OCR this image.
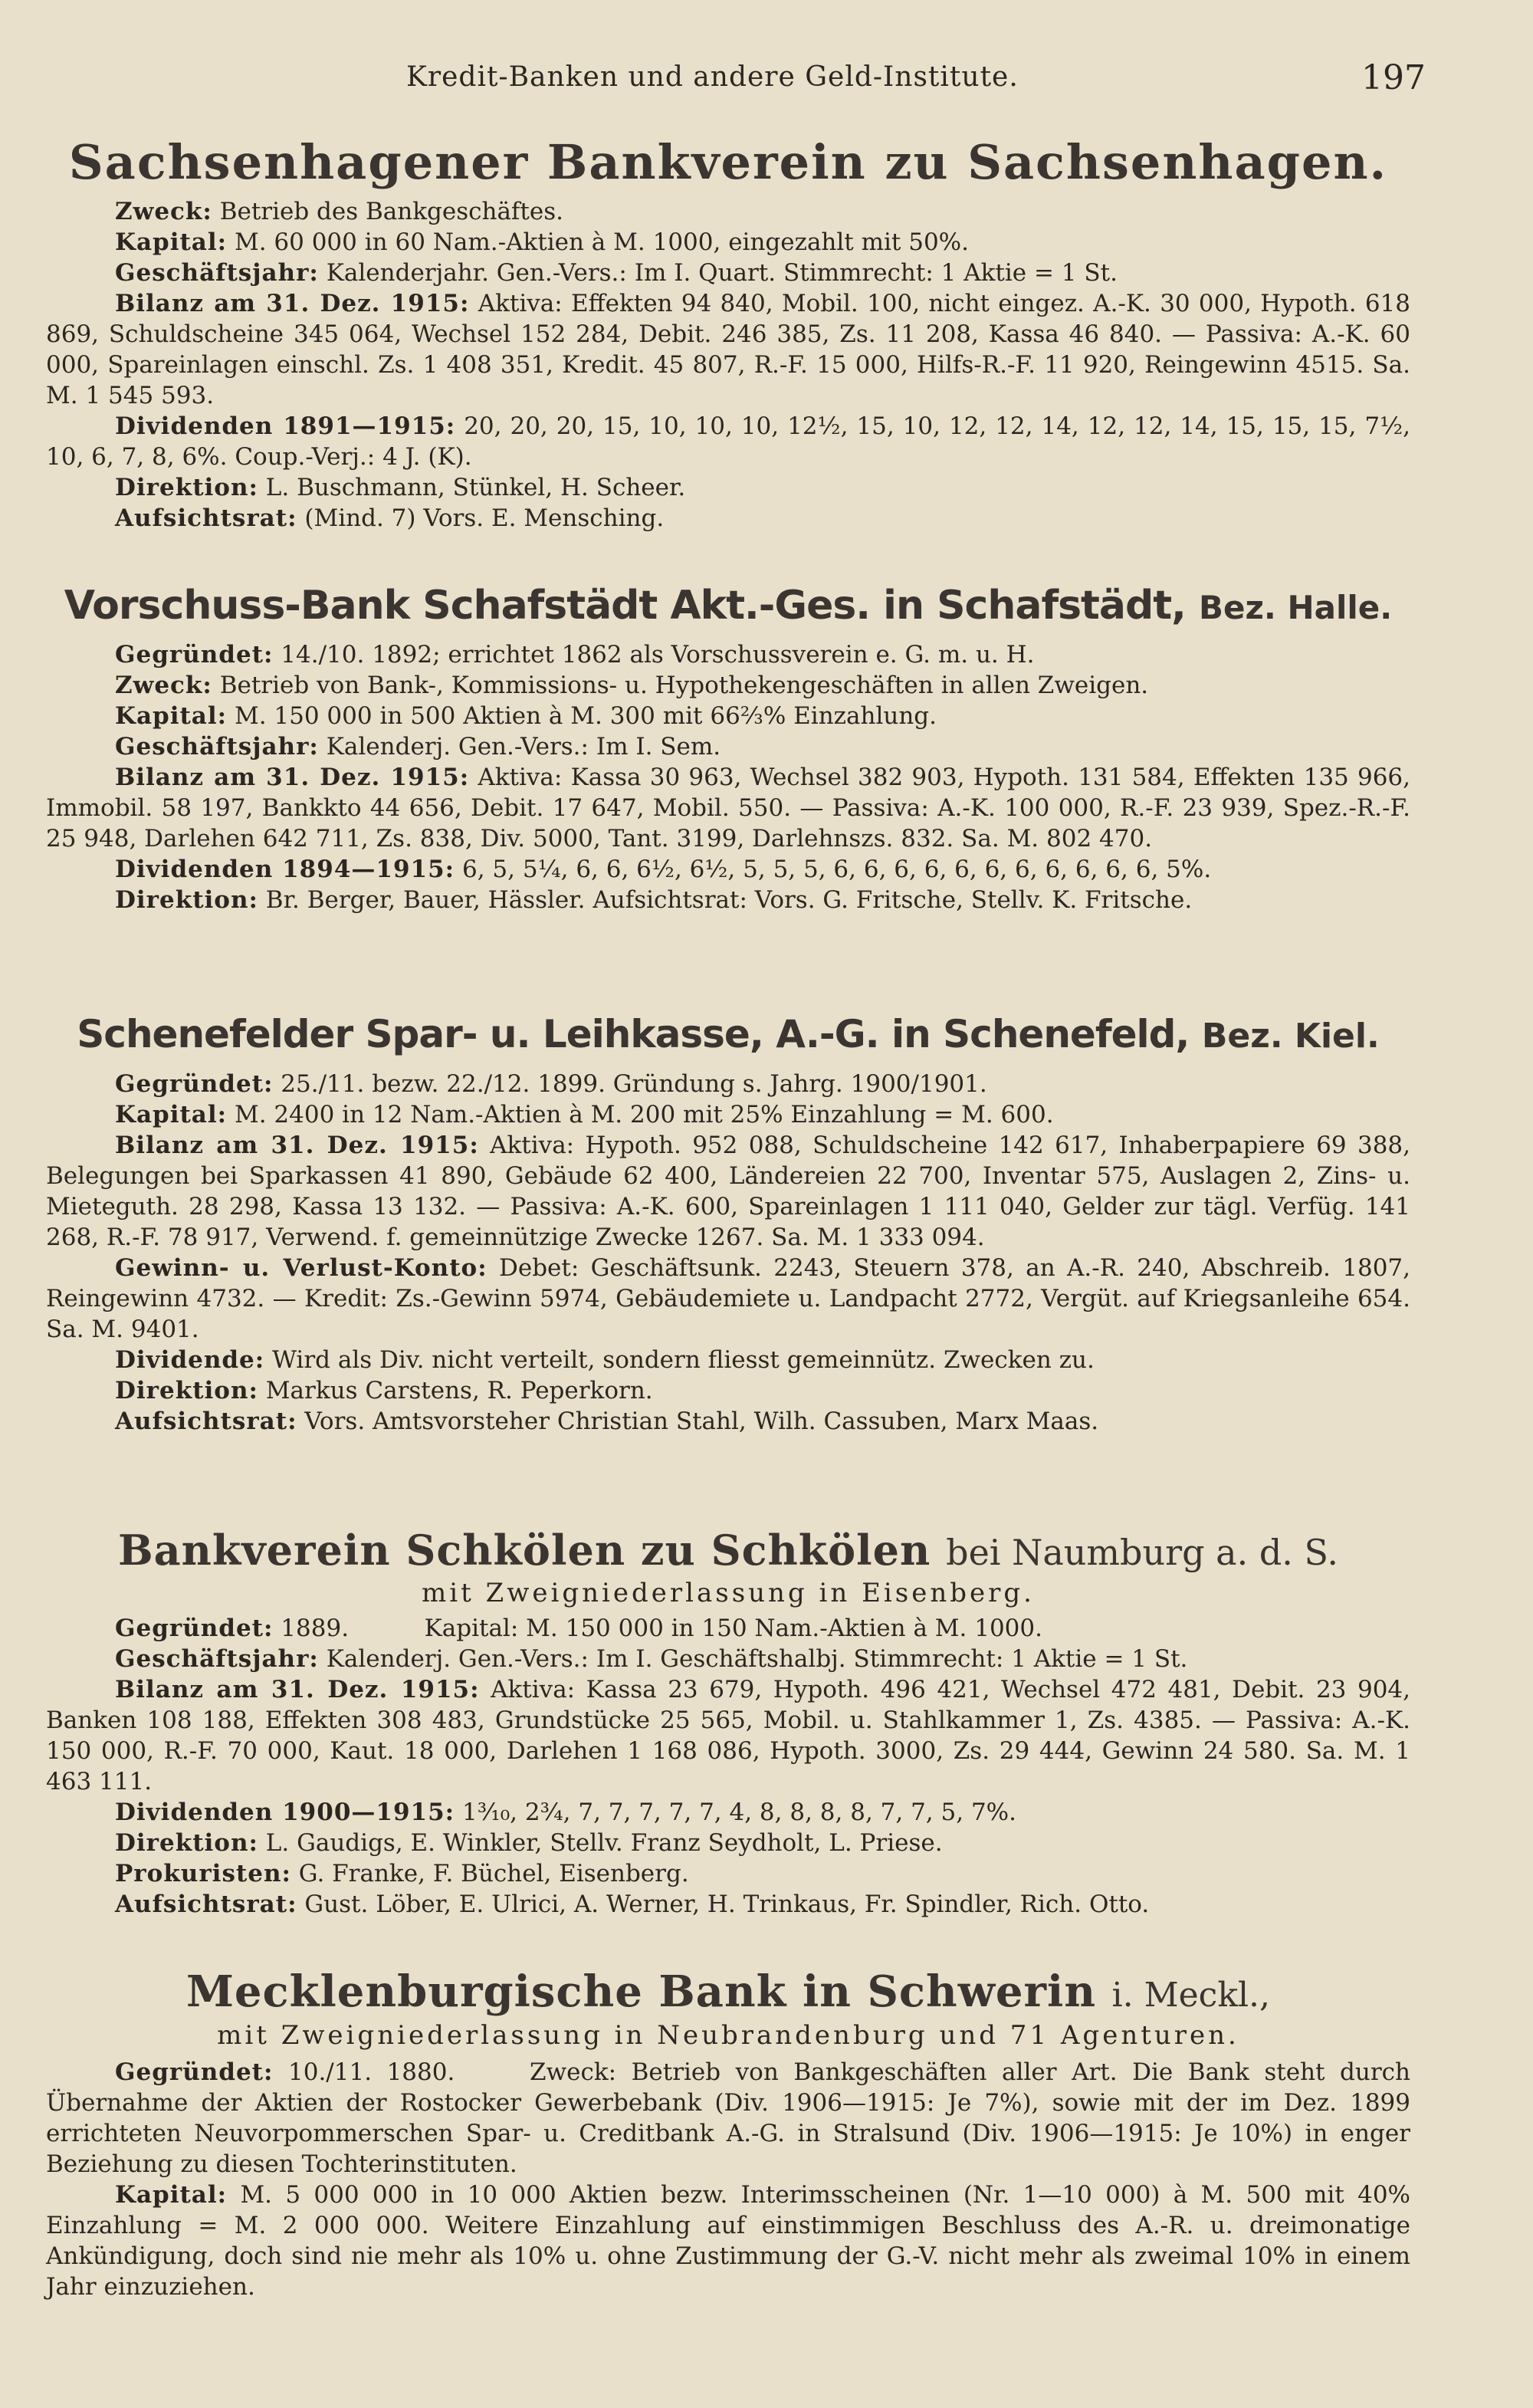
Kredit-Banken und andere Geld-Institute.	197
Sachsenhagener Bankverein zu Sachsenhagen.

Zweck: Betrieb des Bankgeschäftes.

Kapital: M. 60 000 in 60 Nam.-Aktien à M. 1000, eingezahlt mit 50%.

Geschäftsjahr: Kalenderjahr. Gen.-Vers.: Im I. Quart. Stimmrecht: 1 Aktie = 1 St.

Bilanz am 31. Dez. 1915: Aktiva: Effekten 94 840, Mobil. 100, nicht eingez. A.-K. 30 000, Hypoth. 618 869, Schuldscheine 345 064, Wechsel 152 284, Debit. 246 385, Zs. 11 208, Kassa 46 840. — Passiva: A.-K. 60 000, Spareinlagen einschl. Zs. 1 408 351, Kredit. 45 807, R.-F. 15 000, Hilfs-R.-F. 11 920, Reingewinn 4515. Sa. M. 1 545 593.

Dividenden 1891—1915: 20, 20, 20, 15, 10, 10, 10, 12½, 15, 10, 12, 12, 14, 12, 12, 14, 15, 15, 15, 7½, 10, 6, 7, 8, 6%. Coup.-Verj.: 4 J. (K).

Direktion: L. Buschmann, Stünkel, H. Scheer.

Aufsichtsrat: (Mind. 7) Vors. E. Mensching.

Vorschuss-Bank Schafstädt Akt.-Ges. in Schafstädt, Bez. Halle.

Gegründet: 14./10. 1892; errichtet 1862 als Vorschussverein e. G. m. u. H.

Zweck: Betrieb von Bank-, Kommissions- u. Hypothekengeschäften in allen Zweigen.

Kapital: M. 150 000 in 500 Aktien à M. 300 mit 66⅔% Einzahlung.

Geschäftsjahr: Kalenderj. Gen.-Vers.: Im I. Sem.

Bilanz am 31. Dez. 1915: Aktiva: Kassa 30 963, Wechsel 382 903, Hypoth. 131 584, Effekten 135 966, Immobil. 58 197, Bankkto 44 656, Debit. 17 647, Mobil. 550. — Passiva: A.-K. 100 000, R.-F. 23 939, Spez.-R.-F. 25 948, Darlehen 642 711, Zs. 838, Div. 5000, Tant. 3199, Darlehnszs. 832. Sa. M. 802 470.

Dividenden 1894—1915: 6, 5, 5¼, 6, 6, 6½, 6½, 5, 5, 5, 6, 6, 6, 6, 6, 6, 6, 6, 6, 6, 6, 5%.

Direktion: Br. Berger, Bauer, Hässler. Aufsichtsrat: Vors. G. Fritsche, Stellv. K. Fritsche.

Schenefelder Spar- u. Leihkasse, A.-G. in Schenefeld, Bez. Kiel.

Gegründet: 25./11. bezw. 22./12. 1899. Gründung s. Jahrg. 1900/1901.

Kapital: M. 2400 in 12 Nam.-Aktien à M. 200 mit 25% Einzahlung = M. 600.

Bilanz am 31. Dez. 1915: Aktiva: Hypoth. 952 088, Schuldscheine 142 617, Inhaberpapiere 69 388, Belegungen bei Sparkassen 41 890, Gebäude 62 400, Ländereien 22 700, Inventar 575, Auslagen 2, Zins- u. Mieteguth. 28 298, Kassa 13 132. — Passiva: A.-K. 600, Spareinlagen 1 111 040, Gelder zur tägl. Verfüg. 141 268, R.-F. 78 917, Verwend. f. gemeinnützige Zwecke 1267. Sa. M. 1 333 094.

Gewinn- u. Verlust-Konto: Debet: Geschäftsunk. 2243, Steuern 378, an A.-R. 240, Abschreib. 1807, Reingewinn 4732. — Kredit: Zs.-Gewinn 5974, Gebäudemiete u. Landpacht 2772, Vergüt. auf Kriegsanleihe 654. Sa. M. 9401.

Dividende: Wird als Div. nicht verteilt, sondern fliesst gemeinnütz. Zwecken zu.

Direktion: Markus Carstens, R. Peperkorn.

Aufsichtsrat: Vors. Amtsvorsteher Christian Stahl, Wilh. Cassuben, Marx Maas.

Bankverein Schkölen zu Schkölen bei Naumburg a. d. S.
mit Zweigniederlassung in Eisenberg.

Gegründet: 1889.          Kapital: M. 150 000 in 150 Nam.-Aktien à M. 1000.

Geschäftsjahr: Kalenderj. Gen.-Vers.: Im I. Geschäftshalbj. Stimmrecht: 1 Aktie = 1 St.

Bilanz am 31. Dez. 1915: Aktiva: Kassa 23 679, Hypoth. 496 421, Wechsel 472 481, Debit. 23 904, Banken 108 188, Effekten 308 483, Grundstücke 25 565, Mobil. u. Stahlkammer 1, Zs. 4385. — Passiva: A.-K. 150 000, R.-F. 70 000, Kaut. 18 000, Darlehen 1 168 086, Hypoth. 3000, Zs. 29 444, Gewinn 24 580. Sa. M. 1 463 111.

Dividenden 1900—1915: 1³⁄₁₀, 2¾, 7, 7, 7, 7, 7, 4, 8, 8, 8, 8, 7, 7, 5, 7%.

Direktion: L. Gaudigs, E. Winkler, Stellv. Franz Seydholt, L. Priese.

Prokuristen: G. Franke, F. Büchel, Eisenberg.

Aufsichtsrat: Gust. Löber, E. Ulrici, A. Werner, H. Trinkaus, Fr. Spindler, Rich. Otto.

Mecklenburgische Bank in Schwerin i. Meckl.,
mit Zweigniederlassung in Neubrandenburg und 71 Agenturen.

Gegründet: 10./11. 1880.     Zweck: Betrieb von Bankgeschäften aller Art. Die Bank steht durch Übernahme der Aktien der Rostocker Gewerbebank (Div. 1906—1915: Je 7%), sowie mit der im Dez. 1899 errichteten Neuvorpommerschen Spar- u. Creditbank A.-G. in Stralsund (Div. 1906—1915: Je 10%) in enger Beziehung zu diesen Tochterinstituten.

Kapital: M. 5 000 000 in 10 000 Aktien bezw. Interimsscheinen (Nr. 1—10 000) à M. 500 mit 40% Einzahlung = M. 2 000 000. Weitere Einzahlung auf einstimmigen Beschluss des A.-R. u. dreimonatige Ankündigung, doch sind nie mehr als 10% u. ohne Zustimmung der G.-V. nicht mehr als zweimal 10% in einem Jahr einzuziehen.
